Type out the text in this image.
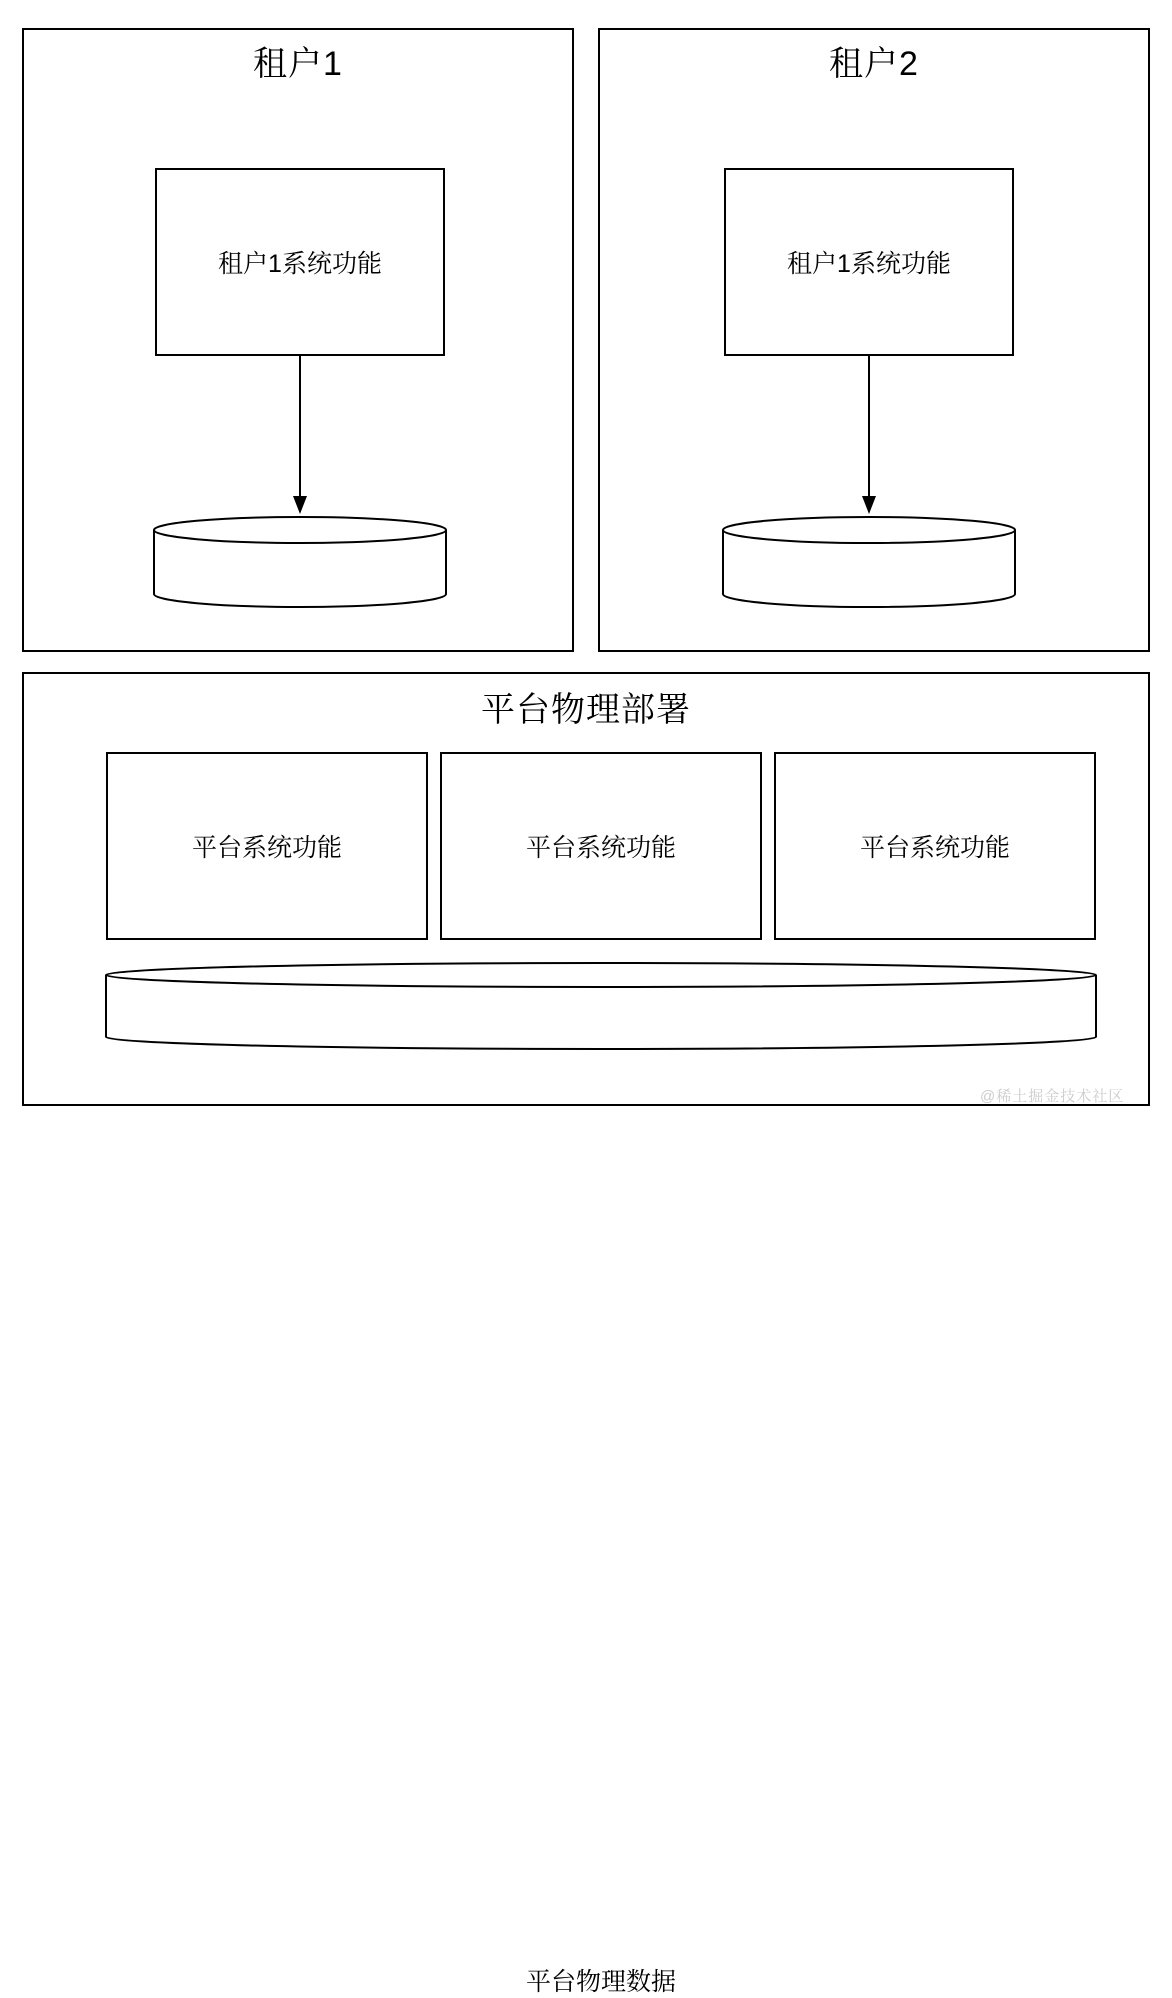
租户1
租户1系统功能
租户2
租户1系统功能
平台物理部署
平台系统功能	平台系统功能	平台系统功能
平台物理数据
@稀土掘金技术社区
